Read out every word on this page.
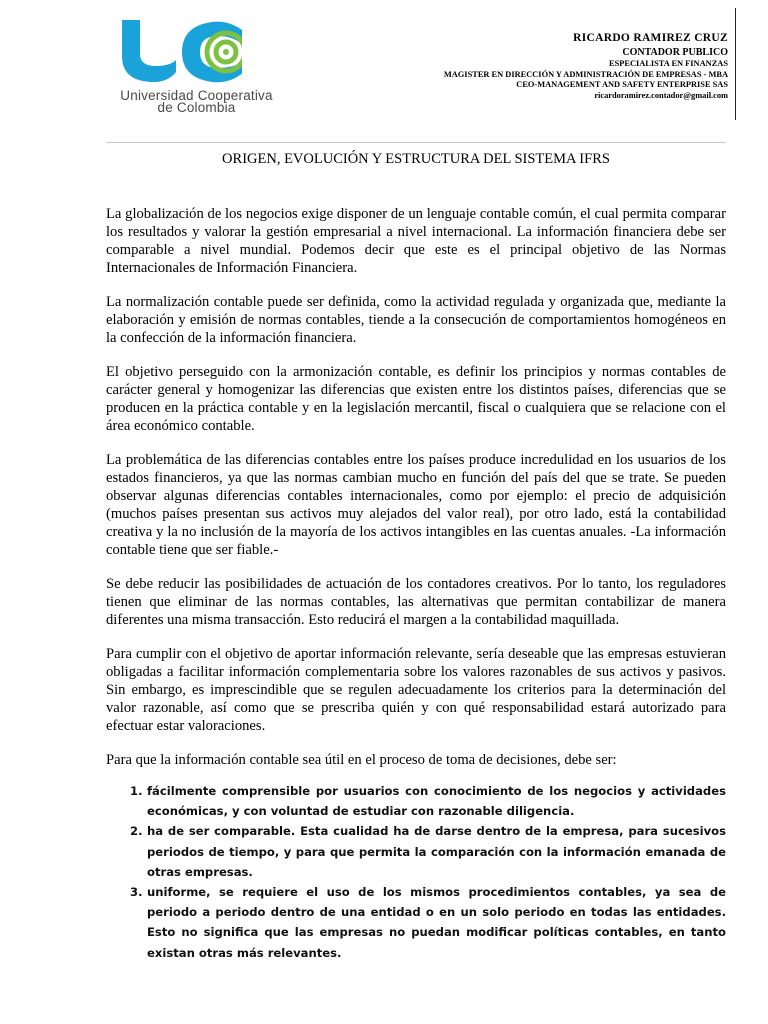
Universidad Cooperativa
de Colombia
RICARDO RAMIREZ CRUZ
CONTADOR PUBLICO
ESPECIALISTA EN FINANZAS
MAGISTER EN DIRECCIÓN Y ADMINISTRACIÓN DE EMPRESAS - MBA
CEO-MANAGEMENT AND SAFETY ENTERPRISE SAS
ricardoramirez.contador@gmail.com
ORIGEN, EVOLUCIÓN Y ESTRUCTURA DEL SISTEMA IFRS

La globalización de los negocios exige disponer de un lenguaje contable común, el cual permita comparar los resultados y valorar la gestión empresarial a nivel internacional. La información financiera debe ser comparable a nivel mundial. Podemos decir que este es el principal objetivo de las Normas Internacionales de Información Financiera.

La normalización contable puede ser definida, como la actividad regulada y organizada que, mediante la elaboración y emisión de normas contables, tiende a la consecución de comportamientos homogéneos en la confección de la información financiera.

El objetivo perseguido con la armonización contable, es definir los principios y normas contables de carácter general y homogenizar las diferencias que existen entre los distintos países, diferencias que se producen en la práctica contable y en la legislación mercantil, fiscal o cualquiera que se relacione con el área económico contable.

La problemática de las diferencias contables entre los países produce incredulidad en los usuarios de los estados financieros, ya que las normas cambian mucho en función del país del que se trate. Se pueden observar algunas diferencias contables internacionales, como por ejemplo: el precio de adquisición (muchos países presentan sus activos muy alejados del valor real), por otro lado, está la contabilidad creativa y la no inclusión de la mayoría de los activos intangibles en las cuentas anuales. -La información contable tiene que ser fiable.-

Se debe reducir las posibilidades de actuación de los contadores creativos. Por lo tanto, los reguladores tienen que eliminar de las normas contables, las alternativas que permitan contabilizar de manera diferentes una misma transacción. Esto reducirá el margen a la contabilidad maquillada.

Para cumplir con el objetivo de aportar información relevante, sería deseable que las empresas estuvieran obligadas a facilitar información complementaria sobre los valores razonables de sus activos y pasivos. Sin embargo, es imprescindible que se regulen adecuadamente los criterios para la determinación del valor razonable, así como que se prescriba quién y con qué responsabilidad estará autorizado para efectuar estar valoraciones.

Para que la información contable sea útil en el proceso de toma de decisiones, debe ser:

1. fácilmente comprensible por usuarios con conocimiento de los negocios y actividades económicas, y con voluntad de estudiar con razonable diligencia.
2. ha de ser comparable. Esta cualidad ha de darse dentro de la empresa, para sucesivos periodos de tiempo, y para que permita la comparación con la información emanada de otras empresas.
3. uniforme, se requiere el uso de los mismos procedimientos contables, ya sea de periodo a periodo dentro de una entidad o en un solo periodo en todas las entidades. Esto no significa que las empresas no puedan modificar políticas contables, en tanto existan otras más relevantes.
